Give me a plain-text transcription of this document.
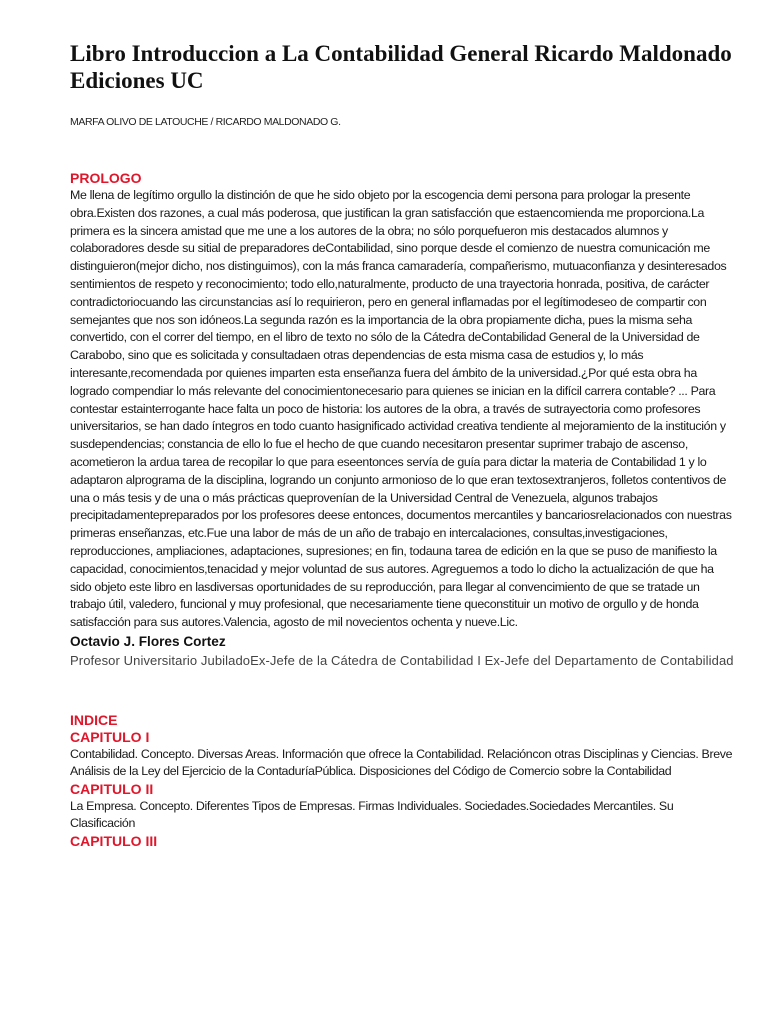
Libro Introduccion a La Contabilidad General Ricardo Maldonado Ediciones UC
MARFA OLIVO DE LATOUCHE / RICARDO MALDONADO G.
PROLOGO

Me llena de legítimo orgullo la distinción de que he sido objeto por la escogencia demi persona para prologar la presente obra.Existen dos razones, a cual más poderosa, que justifican la gran satisfacción que estaencomienda me proporciona.La primera es la sincera amistad que me une a los autores de la obra; no sólo porquefueron mis destacados alumnos y colaboradores desde su sitial de preparadores deContabilidad, sino porque desde el comienzo de nuestra comunicación me distinguieron(mejor dicho, nos distinguimos), con la más franca camaradería, compañerismo, mutuaconfianza y desinteresados sentimientos de respeto y reconocimiento; todo ello,naturalmente, producto de una trayectoria honrada, positiva, de carácter contradictoriocuando las circunstancias así lo requirieron, pero en general inflamadas por el legítimodeseo de compartir con semejantes que nos son idóneos.La segunda razón es la importancia de la obra propiamente dicha, pues la misma seha convertido, con el correr del tiempo, en el libro de texto no sólo de la Cátedra deContabilidad General de la Universidad de Carabobo, sino que es solicitada y consultadaen otras dependencias de esta misma casa de estudios y, lo más interesante,recomendada por quienes imparten esta enseñanza fuera del ámbito de la universidad.¿Por qué esta obra ha logrado compendiar lo más relevante del conocimientonecesario para quienes se inician en la difícil carrera contable? ... Para contestar estainterrogante hace falta un poco de historia: los autores de la obra, a través de sutrayectoria como profesores universitarios, se han dado íntegros en todo cuanto hasignificado actividad creativa tendiente al mejoramiento de la institución y susdependencias; constancia de ello lo fue el hecho de que cuando necesitaron presentar suprimer trabajo de ascenso, acometieron la ardua tarea de recopilar lo que para eseentonces servía de guía para dictar la materia de Contabilidad 1 y lo adaptaron alprograma de la disciplina, logrando un conjunto armonioso de lo que eran textosextranjeros, folletos contentivos de una o más tesis y de una o más prácticas queprovenían de la Universidad Central de Venezuela, algunos trabajos precipitadamentepreparados por los profesores deese entonces, documentos mercantiles y bancariosrelacionados con nuestras primeras enseñanzas, etc.Fue una labor de más de un año de trabajo en intercalaciones, consultas,investigaciones, reproducciones, ampliaciones, adaptaciones, supresiones; en fin, todauna tarea de edición en la que se puso de manifiesto la capacidad, conocimientos,tenacidad y mejor voluntad de sus autores. Agreguemos a todo lo dicho la actualización de que ha sido objeto este libro en lasdiversas oportunidades de su reproducción, para llegar al convencimiento de que se tratade un trabajo útil, valedero, funcional y muy profesional, que necesariamente tiene queconstituir un motivo de orgullo y de honda satisfacción para sus autores.Valencia, agosto de mil novecientos ochenta y nueve.Lic.

Octavio J. Flores Cortez
Profesor Universitario JubiladoEx-Jefe de la Cátedra de Contabilidad I Ex-Jefe del Departamento de Contabilidad
INDICE
CAPITULO I

Contabilidad. Concepto. Diversas Areas. Información que ofrece la Contabilidad. Relacióncon otras Disciplinas y Ciencias. Breve Análisis de la Ley del Ejercicio de la ContaduríaPública. Disposiciones del Código de Comercio sobre la Contabilidad

CAPITULO II

La Empresa. Concepto. Diferentes Tipos de Empresas. Firmas Individuales. Sociedades.Sociedades Mercantiles. Su Clasificación

CAPITULO III
